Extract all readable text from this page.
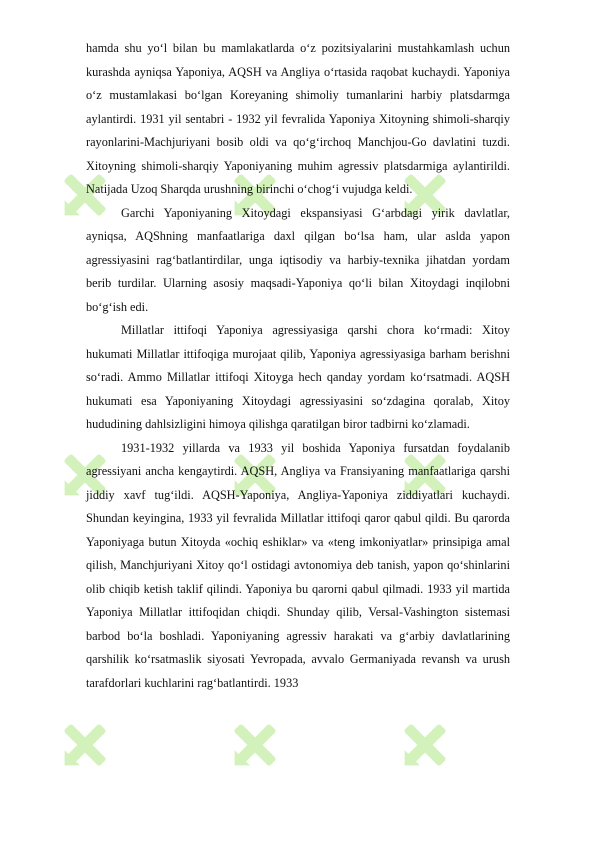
hamda shu yo‘l bilan bu mamlakatlarda o‘z pozitsiyalarini mustahkamlash uchun kurashda ayniqsa Yaponiya, AQSH va Angliya o‘rtasida raqobat kuchaydi. Yaponiya o‘z mustamlakasi bo‘lgan Koreyaning shimoliy tumanlarini harbiy platsdarmga aylantirdi. 1931 yil sentabri - 1932 yil fevralida Yaponiya Xitoyning shimoli-sharqiy rayonlarini-Machjuriyani bosib oldi va qo‘g‘irchoq Manchjou-Go davlatini tuzdi. Xitoyning shimoli-sharqiy Yaponiyaning muhim agressiv platsdarmiga aylantirildi. Natijada Uzoq Sharqda urushning birinchi o‘chog‘i vujudga keldi.

Garchi Yaponiyaning Xitoydagi ekspansiyasi G‘arbdagi yirik davlatlar, ayniqsa, AQShning manfaatlariga daxl qilgan bo‘lsa ham, ular aslda yapon agressiyasini rag‘batlantirdilar, unga iqtisodiy va harbiy-texnika jihatdan yordam berib turdilar. Ularning asosiy maqsadi-Yaponiya qo‘li bilan Xitoydagi inqilobni bo‘g‘ish edi.

Millatlar ittifoqi Yaponiya agressiyasiga qarshi chora ko‘rmadi: Xitoy hukumati Millatlar ittifoqiga murojaat qilib, Yaponiya agressiyasiga barham berishni so‘radi. Ammo Millatlar ittifoqi Xitoyga hech qanday yordam ko‘rsatmadi. AQSH hukumati esa Yaponiyaning Xitoydagi agressiyasini so‘zdagina qoralab, Xitoy hududining dahlsizligini himoya qilishga qaratilgan biror tadbirni ko‘zlamadi.

1931-1932 yillarda va 1933 yil boshida Yaponiya fursatdan foydalanib agressiyani ancha kengaytirdi. AQSH, Angliya va Fransiyaning manfaatlariga qarshi jiddiy xavf tug‘ildi. AQSH-Yaponiya, Angliya-Yaponiya ziddiyatlari kuchaydi. Shundan keyingina, 1933 yil fevralida Millatlar ittifoqi qaror qabul qildi. Bu qarorda Yaponiyaga butun Xitoyda «ochiq eshiklar» va «teng imkoniyatlar» prinsipiga amal qilish, Manchjuriyani Xitoy qo‘l ostidagi avtonomiya deb tanish, yapon qo‘shinlarini olib chiqib ketish taklif qilindi. Yaponiya bu qarorni qabul qilmadi. 1933 yil martida Yaponiya Millatlar ittifoqidan chiqdi. Shunday qilib, Versal-Vashington sistemasi barbod bo‘la boshladi. Yaponiyaning agressiv harakati va g‘arbiy davlatlarining qarshilik ko‘rsatmaslik siyosati Yevropada, avvalo Germaniyada revansh va urush tarafdorlari kuchlarini rag‘batlantirdi. 1933
